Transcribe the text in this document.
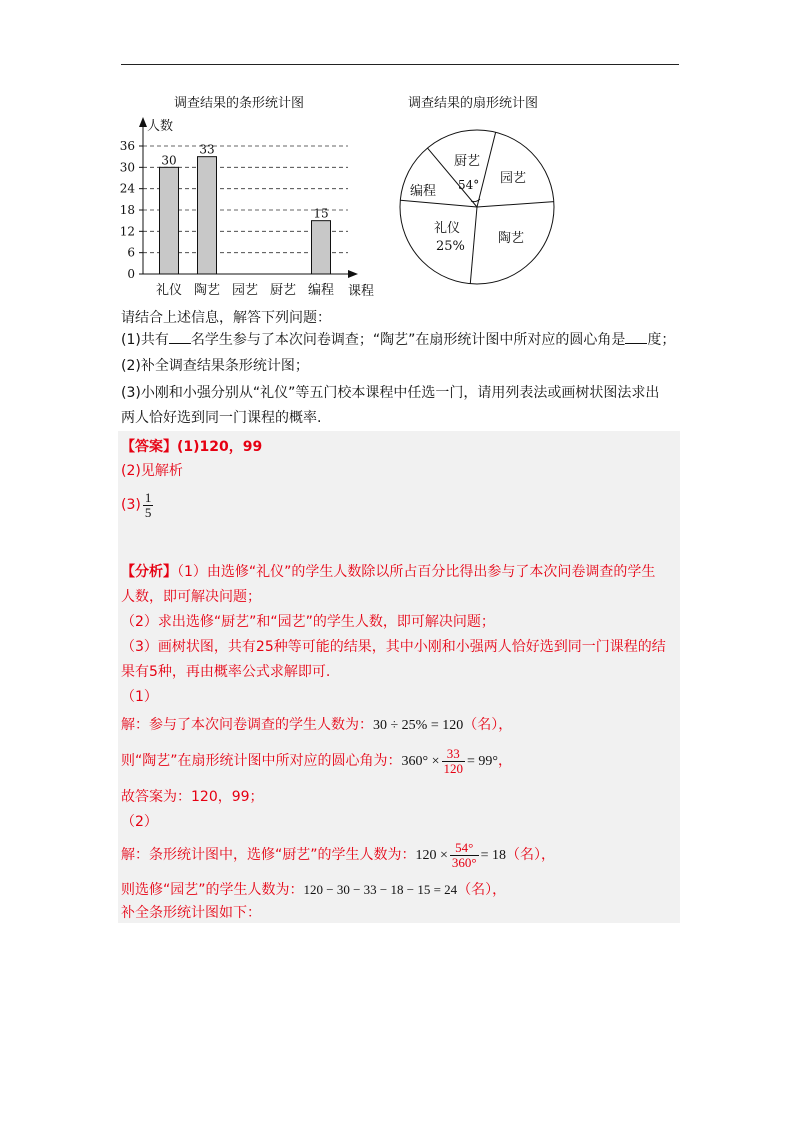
调查结果的条形统计图
人数
课程
0
6
12
18
24
30
36
礼仪 陶艺 园艺 厨艺 编程
30
33
15
调查结果的扇形统计图
厨艺
54° 园艺
编程
礼仪
25%
陶艺
请结合上述信息，解答下列问题：
(1)共有 名学生参与了本次问卷调查；“陶艺”在扇形统计图中所对应的圆心角是 度；
(2)补全调查结果条形统计图；
(3)小刚和小强分别从“礼仪”等五门校本课程中任选一门，请用列表法或画树状图法求出
两人恰好选到同一门课程的概率.
【答案】(1)120，99
(2)见解析
$(3) \frac{1}{5}$
【分析】（1）由选修“礼仪”的学生人数除以所占百分比得出参与了本次问卷调查的学生
人数，即可解决问题；
（2）求出选修“厨艺”和“园艺”的学生人数，即可解决问题；
（3）画树状图，共有25种等可能的结果，其中小刚和小强两人恰好选到同一门课程的结
果有5种，再由概率公式求解即可.
（1）
解：参与了本次问卷调查的学生人数为：30 ÷ 25% = 120（名），
则“陶艺”在扇形统计图中所对应的圆心角为：$360^\circ \times \frac{33}{120} = 99^\circ$，
故答案为：120，99；
（2）
解：条形统计图中，选修“厨艺”的学生人数为：$120 \times \frac{54^\circ}{360^\circ} = 18$（名），
则选修“园艺”的学生人数为：120 − 30 − 33 − 18 − 15 = 24（名），
补全条形统计图如下：
